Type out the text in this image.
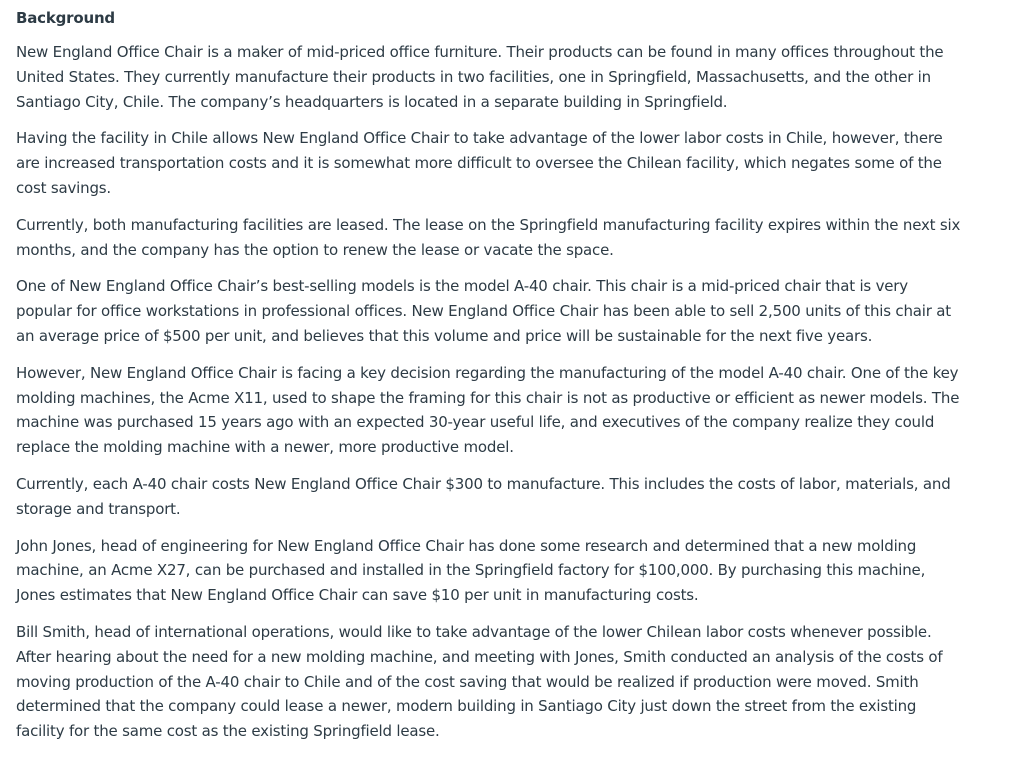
Background

New England Office Chair is a maker of mid-priced office furniture. Their products can be found in many offices throughout the United States. They currently manufacture their products in two facilities, one in Springfield, Massachusetts, and the other in Santiago City, Chile. The company’s headquarters is located in a separate building in Springfield.

Having the facility in Chile allows New England Office Chair to take advantage of the lower labor costs in Chile, however, there are increased transportation costs and it is somewhat more difficult to oversee the Chilean facility, which negates some of the cost savings.

Currently, both manufacturing facilities are leased. The lease on the Springfield manufacturing facility expires within the next six months, and the company has the option to renew the lease or vacate the space.

One of New England Office Chair’s best-selling models is the model A-40 chair. This chair is a mid-priced chair that is very popular for office workstations in professional offices. New England Office Chair has been able to sell 2,500 units of this chair at an average price of $500 per unit, and believes that this volume and price will be sustainable for the next five years.

However, New England Office Chair is facing a key decision regarding the manufacturing of the model A-40 chair. One of the key molding machines, the Acme X11, used to shape the framing for this chair is not as productive or efficient as newer models. The machine was purchased 15 years ago with an expected 30-year useful life, and executives of the company realize they could replace the molding machine with a newer, more productive model.

Currently, each A-40 chair costs New England Office Chair $300 to manufacture. This includes the costs of labor, materials, and storage and transport.

John Jones, head of engineering for New England Office Chair has done some research and determined that a new molding machine, an Acme X27, can be purchased and installed in the Springfield factory for $100,000. By purchasing this machine, Jones estimates that New England Office Chair can save $10 per unit in manufacturing costs.

Bill Smith, head of international operations, would like to take advantage of the lower Chilean labor costs whenever possible. After hearing about the need for a new molding machine, and meeting with Jones, Smith conducted an analysis of the costs of moving production of the A-40 chair to Chile and of the cost saving that would be realized if production were moved. Smith determined that the company could lease a newer, modern building in Santiago City just down the street from the existing facility for the same cost as the existing Springfield lease.
